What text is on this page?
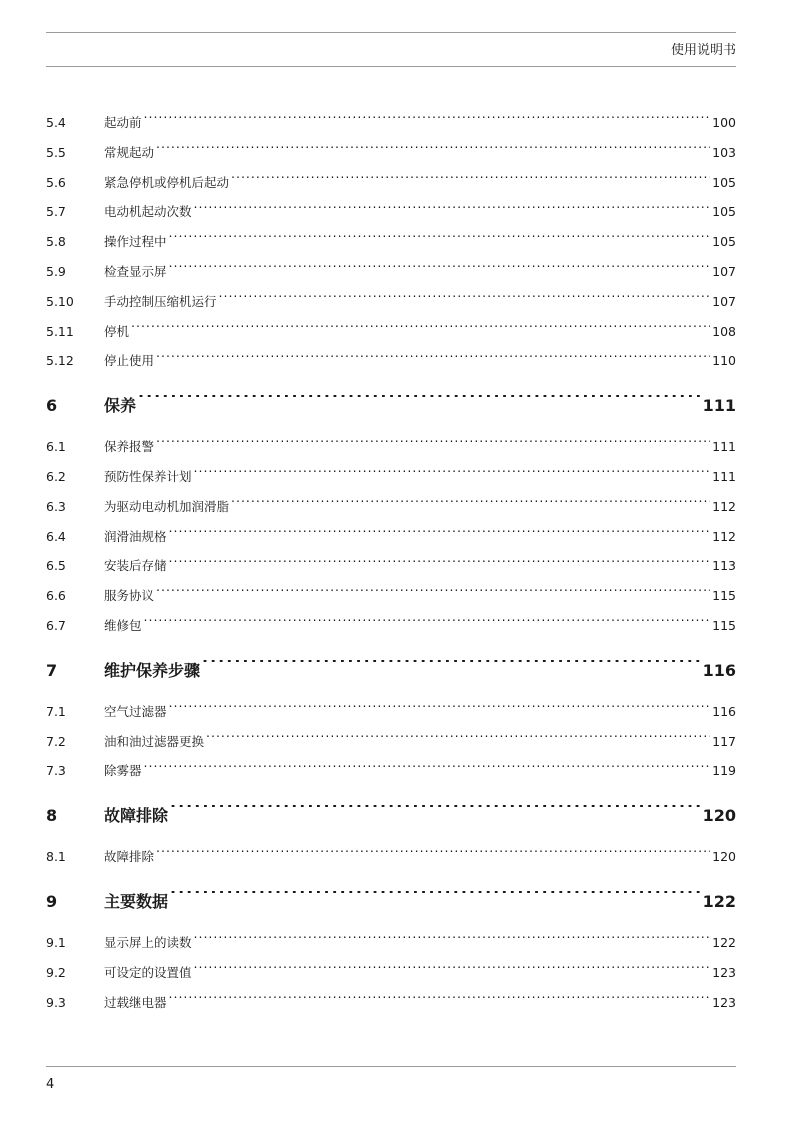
使用说明书
5.4	起动前 .....	100
5.5	常规起动 .....	103
5.6	紧急停机或停机后起动 .....	105
5.7	电动机起动次数 .....	105
5.8	操作过程中 .....	105
5.9	检查显示屏 .....	107
5.10	手动控制压缩机运行 .....	107
5.11	停机 .....	108
5.12	停止使用 .....	110
6	保养 .....	111
6.1	保养报警 .....	111
6.2	预防性保养计划 .....	111
6.3	为驱动电动机加润滑脂 .....	112
6.4	润滑油规格 .....	112
6.5	安装后存储 .....	113
6.6	服务协议 .....	115
6.7	维修包 .....	115
7	维护保养步骤 .....	116
7.1	空气过滤器 .....	116
7.2	油和油过滤器更换 .....	117
7.3	除雾器 .....	119
8	故障排除 .....	120
8.1	故障排除 .....	120
9	主要数据 .....	122
9.1	显示屏上的读数 .....	122
9.2	可设定的设置值 .....	123
9.3	过载继电器 .....	123
4
